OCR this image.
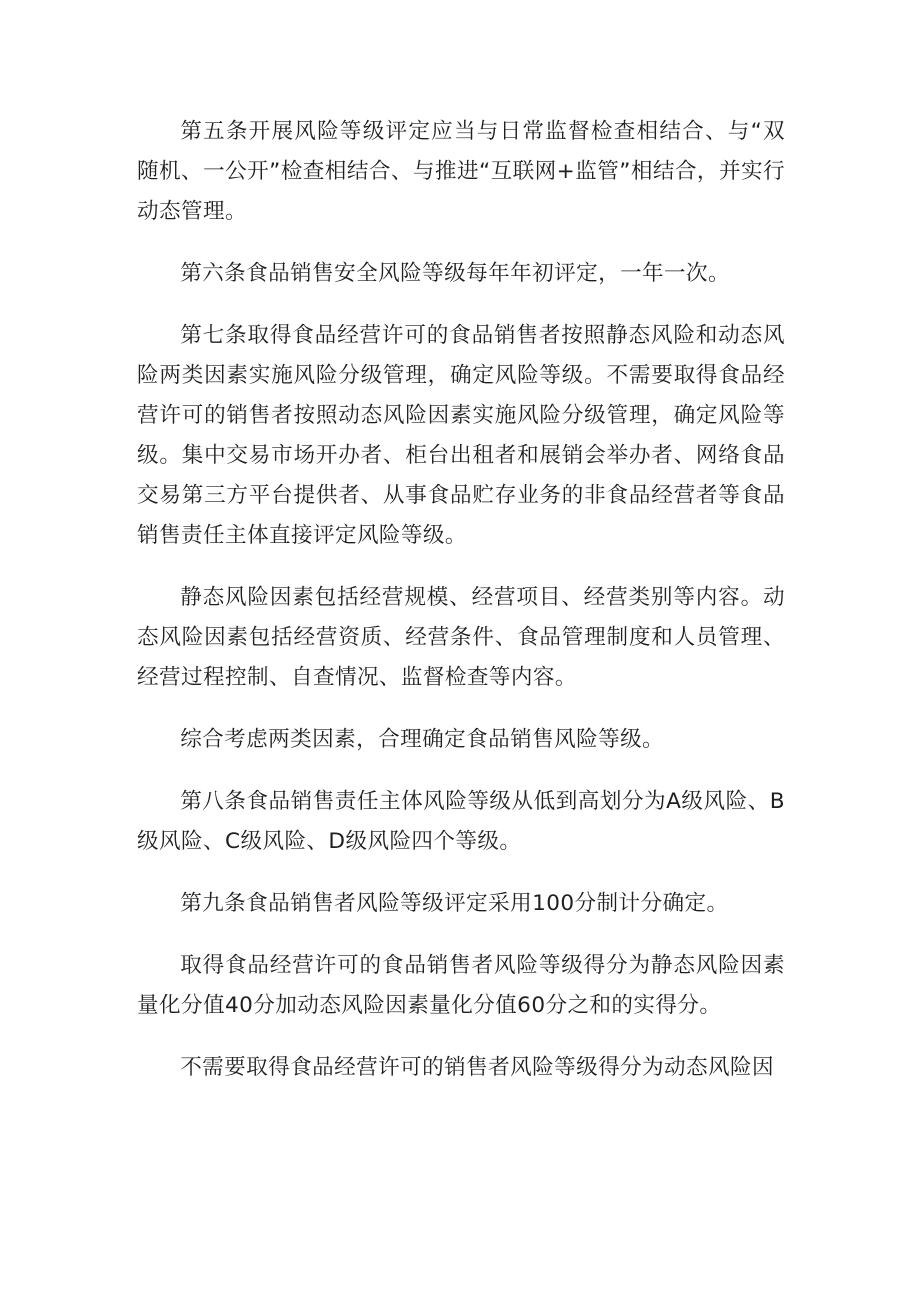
第五条开展风险等级评定应当与日常监督检查相结合、与“双随机、一公开”检查相结合、与推进“互联网+监管”相结合，并实行动态管理。

第六条食品销售安全风险等级每年年初评定，一年一次。

第七条取得食品经营许可的食品销售者按照静态风险和动态风险两类因素实施风险分级管理，确定风险等级。不需要取得食品经营许可的销售者按照动态风险因素实施风险分级管理，确定风险等级。集中交易市场开办者、柜台出租者和展销会举办者、网络食品交易第三方平台提供者、从事食品贮存业务的非食品经营者等食品销售责任主体直接评定风险等级。

静态风险因素包括经营规模、经营项目、经营类别等内容。动态风险因素包括经营资质、经营条件、食品管理制度和人员管理、经营过程控制、自查情况、监督检查等内容。

综合考虑两类因素，合理确定食品销售风险等级。

第八条食品销售责任主体风险等级从低到高划分为A级风险、B级风险、C级风险、D级风险四个等级。

第九条食品销售者风险等级评定采用100分制计分确定。

取得食品经营许可的食品销售者风险等级得分为静态风险因素量化分值40分加动态风险因素量化分值60分之和的实得分。

不需要取得食品经营许可的销售者风险等级得分为动态风险因
